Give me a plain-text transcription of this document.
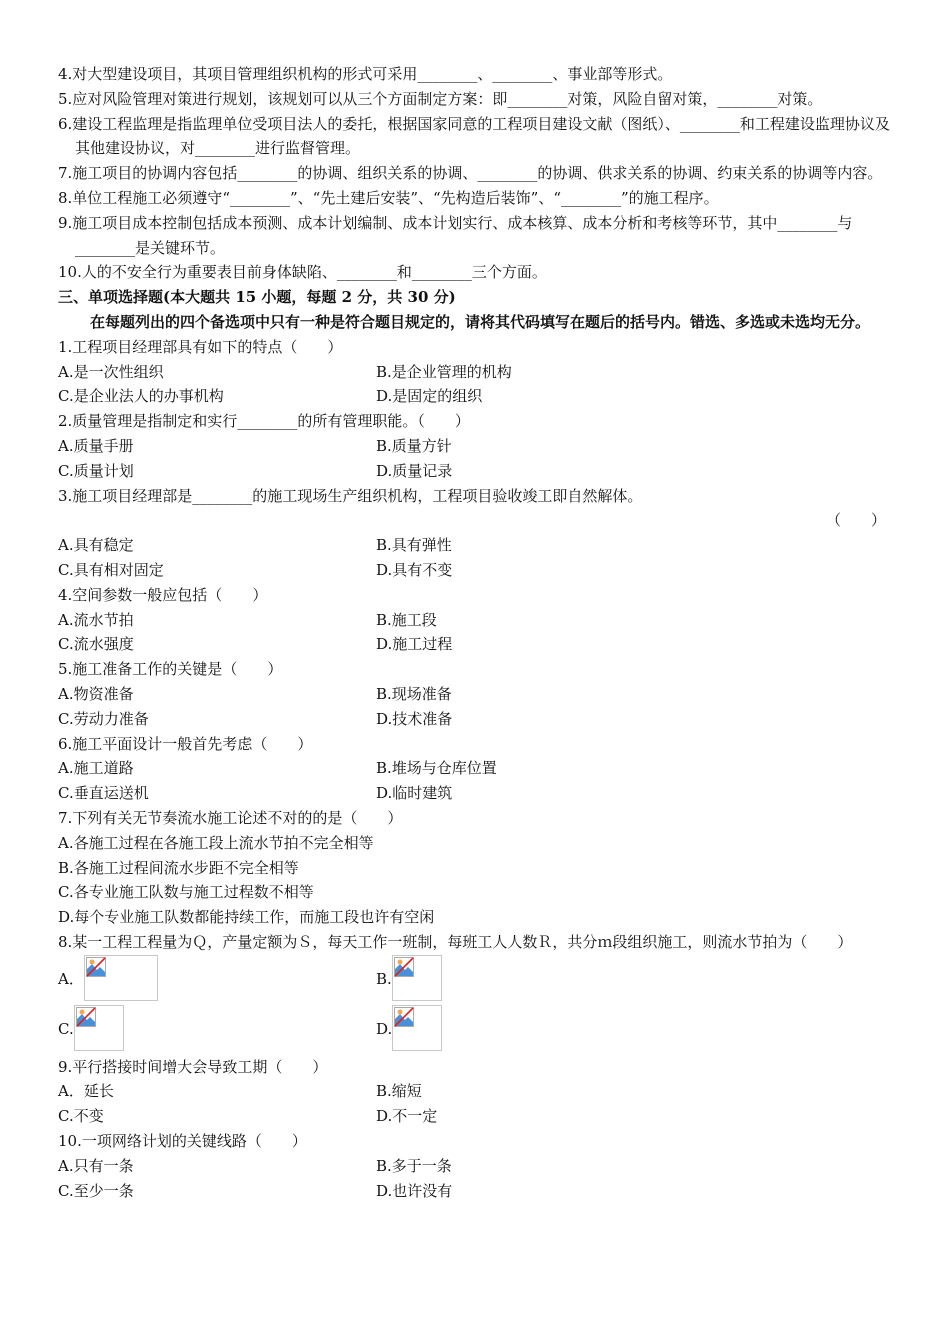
4.对大型建设项目，其项目管理组织机构的形式可采用________、________、事业部等形式。

5.应对风险管理对策进行规划，该规划可以从三个方面制定方案：即________对策，风险自留对策，________对策。

6.建设工程监理是指监理单位受项目法人的委托，根据国家同意的工程项目建设文献（图纸）、________和工程建设监理协议及其他建设协议，对________进行监督管理。

7.施工项目的协调内容包括________的协调、组织关系的协调、________的协调、供求关系的协调、约束关系的协调等内容。

8.单位工程施工必须遵守“________”、“先土建后安装”、“先构造后装饰”、“________”的施工程序。

9.施工项目成本控制包括成本预测、成本计划编制、成本计划实行、成本核算、成本分析和考核等环节，其中________与________是关键环节。

10.人的不安全行为重要表目前身体缺陷、________和________三个方面。

三、单项选择题(本大题共 15 小题，每题 2 分，共 30 分)

在每题列出的四个备选项中只有一种是符合题目规定的，请将其代码填写在题后的括号内。错选、多选或未选均无分。

1.工程项目经理部具有如下的特点（　　）

A.是一次性组织	B.是企业管理的机构
C.是企业法人的办事机构	D.是固定的组织

2.质量管理是指制定和实行________的所有管理职能。（　　）

A.质量手册	B.质量方针
C.质量计划	D.质量记录

3.施工项目经理部是________的施工现场生产组织机构，工程项目验收竣工即自然解体。

（　　）

A.具有稳定	B.具有弹性
C.具有相对固定	D.具有不变

4.空间参数一般应包括（　　）

A.流水节拍	B.施工段
C.流水强度	D.施工过程

5.施工准备工作的关键是（　　）

A.物资准备	B.现场准备
C.劳动力准备	D.技术准备

6.施工平面设计一般首先考虑（　　）

A.施工道路	B.堆场与仓库位置
C.垂直运送机	D.临时建筑

7.下列有关无节奏流水施工论述不对的的是（　　）

A.各施工过程在各施工段上流水节拍不完全相等

B.各施工过程间流水步距不完全相等

C.各专业施工队数与施工过程数不相等

D.每个专业施工队数都能持续工作，而施工段也许有空闲

8.某一工程工程量为Ｑ，产量定额为Ｓ，每天工作一班制，每班工人人数Ｒ，共分ｍ段组织施工，则流水节拍为（　　）

A．	B.
C.	D.

9.平行搭接时间增大会导致工期（　　）

A．延长	B.缩短
C.不变	D.不一定

10.一项网络计划的关键线路（　　）

A.只有一条	B.多于一条
C.至少一条	D.也许没有
